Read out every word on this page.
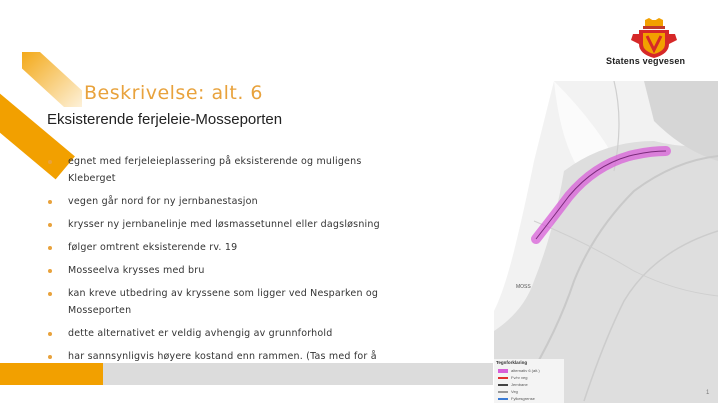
Beskrivelse: alt. 6
Eksisterende ferjeleie-Mosseporten
egnet med ferjeleieplassering på eksisterende og muligens Kleberget
vegen går nord for ny jernbanestasjon
krysser ny jernbanelinje med løsmassetunnel eller dagsløsning
følger omtrent eksisterende rv. 19
Mosseelva krysses med bru
kan kreve utbedring av kryssene som ligger ved Nesparken og Mosseporten
dette alternativet er veldig avhengig av grunnforhold
har sannsynligvis høyere kostand enn rammen. (Tas med for å
Statens vegvesen
MOSS
Tegnforklaring
alternativ 6 (alt.)
Fv/rv veg
Jernbane
Veg
Fylkesgrense
1
